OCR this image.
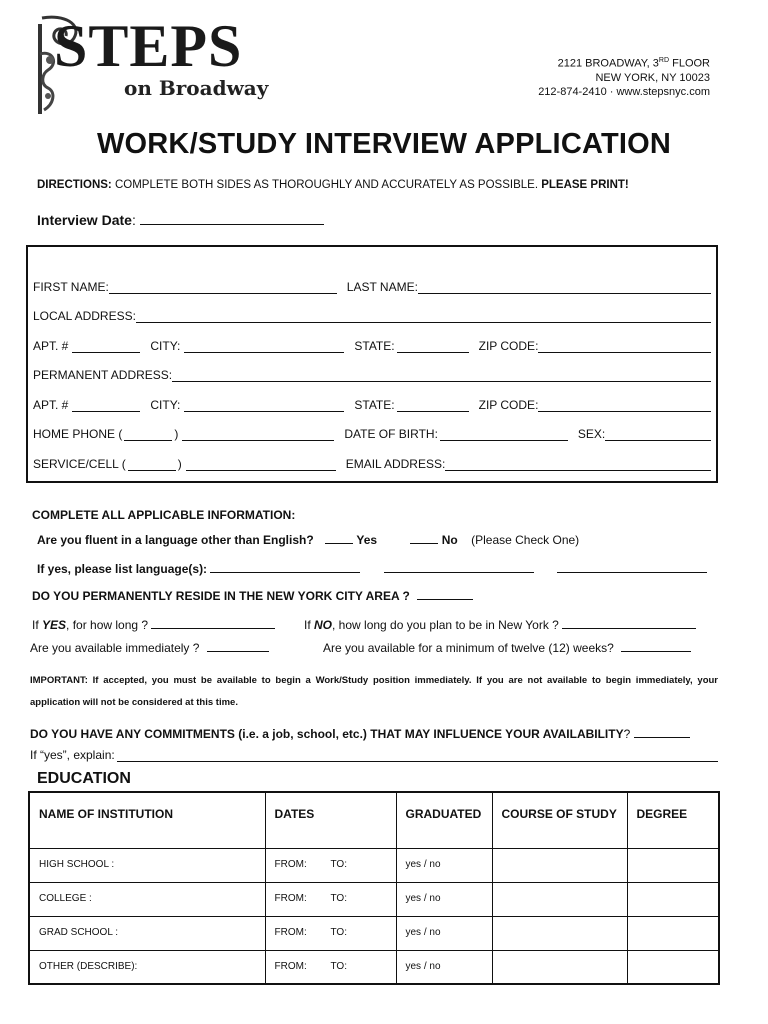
STEPS
on Broadway
2121 BROADWAY, 3RD FLOOR
NEW YORK, NY 10023
212-874-2410 · www.stepsnyc.com
WORK/STUDY INTERVIEW APPLICATION
DIRECTIONS: COMPLETE BOTH SIDES AS THOROUGHLY AND ACCURATELY AS POSSIBLE. PLEASE PRINT!
Interview Date:
FIRST NAME:	LAST NAME:
LOCAL ADDRESS:
APT. #	CITY:	STATE:	ZIP CODE:
PERMANENT ADDRESS:
APT. #	CITY:	STATE:	ZIP CODE:
HOME PHONE (	)	DATE OF BIRTH:	SEX:
SERVICE/CELL (	)	EMAIL ADDRESS:
COMPLETE ALL APPLICABLE INFORMATION:
Are you fluent in a language other than English?	Yes	No (Please Check One)
If yes, please list language(s):
DO YOU PERMANENTLY RESIDE IN THE NEW YORK CITY AREA ?
If YES, for how long ?	If NO, how long do you plan to be in New York ?
Are you available immediately ?	Are you available for a minimum of twelve (12) weeks?
IMPORTANT: If accepted, you must be available to begin a Work/Study position immediately. If you are not available to begin immediately, your application will not be considered at this time.
DO YOU HAVE ANY COMMITMENTS (i.e. a job, school, etc.) THAT MAY INFLUENCE YOUR AVAILABILITY?
If “yes”, explain:
EDUCATION
NAME OF INSTITUTION	DATES	GRADUATED	COURSE OF STUDY	DEGREE
HIGH SCHOOL :	FROM: TO:	yes / no		
COLLEGE :	FROM: TO:	yes / no		
GRAD SCHOOL :	FROM: TO:	yes / no		
OTHER (DESCRIBE):	FROM: TO:	yes / no		
